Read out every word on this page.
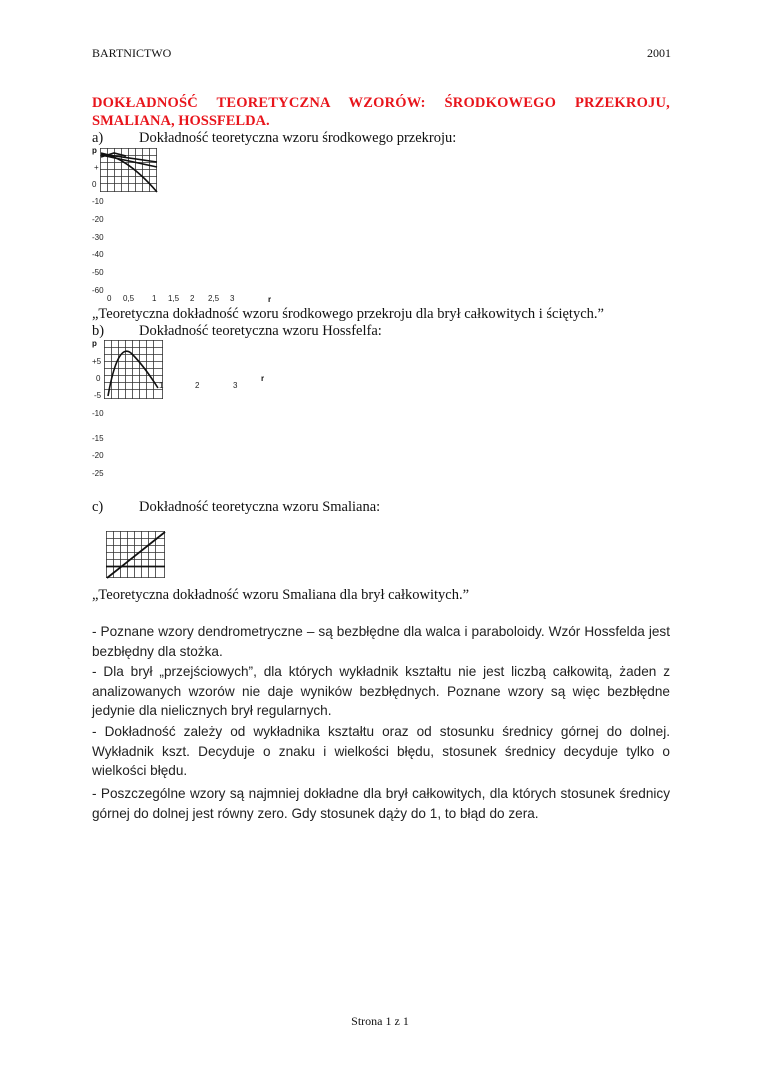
BARTNICTWO	2001
DOKŁADNOŚĆ TEORETYCZNA WZORÓW: ŚRODKOWEGO PRZEKROJU,
SMALIANA, HOSSFELDA.
a) Dokładność teoretyczna wzoru środkowego przekroju:
p
+
0
-10
-20
-30
-40
-50
-60
0 0,5 1 1,5 2 2,5 3	r
„Teoretyczna dokładność wzoru środkowego przekroju dla brył całkowitych i ściętych.”
b) Dokładność teoretyczna wzoru Hossfelfa:
p
+5
0
-5
-10
-15
-20
-25
1	2	3
r
c) Dokładność teoretyczna wzoru Smaliana:
„Teoretyczna dokładność wzoru Smaliana dla brył całkowitych.”
- Poznane wzory dendrometryczne – są bezbłędne dla walca i paraboloidy. Wzór Hossfelda jest bezbłędny dla stożka.
- Dla brył „przejściowych”, dla których wykładnik kształtu nie jest liczbą całkowitą, żaden z analizowanych wzorów nie daje wyników bezbłędnych. Poznane wzory są więc bezbłędne jedynie dla nielicznych brył regularnych.
- Dokładność zależy od wykładnika kształtu oraz od stosunku średnicy górnej do dolnej. Wykładnik kszt. Decyduje o znaku i wielkości błędu, stosunek średnicy decyduje tylko o wielkości błędu.
- Poszczególne wzory są najmniej dokładne dla brył całkowitych, dla których stosunek średnicy górnej do dolnej jest równy zero. Gdy stosunek dąży do 1, to błąd do zera.
Strona 1 z 1
